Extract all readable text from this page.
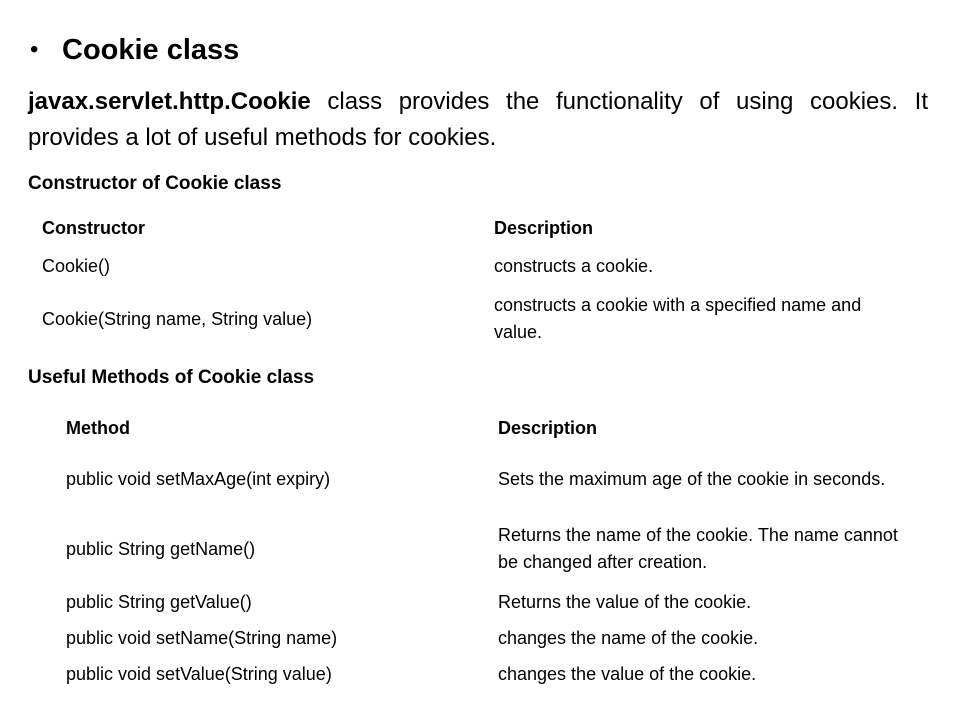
• Cookie class
javax.servlet.http.Cookie class provides the functionality of using cookies. It provides a lot of useful methods for cookies.
Constructor of Cookie class
Constructor	Description
Cookie()	constructs a cookie.
Cookie(String name, String value)	constructs a cookie with a specified name and value.
Useful Methods of Cookie class
Method	Description
public void setMaxAge(int expiry)	Sets the maximum age of the cookie in seconds.
public String getName()	Returns the name of the cookie. The name cannot be changed after creation.
public String getValue()	Returns the value of the cookie.
public void setName(String name)	changes the name of the cookie.
public void setValue(String value)	changes the value of the cookie.
